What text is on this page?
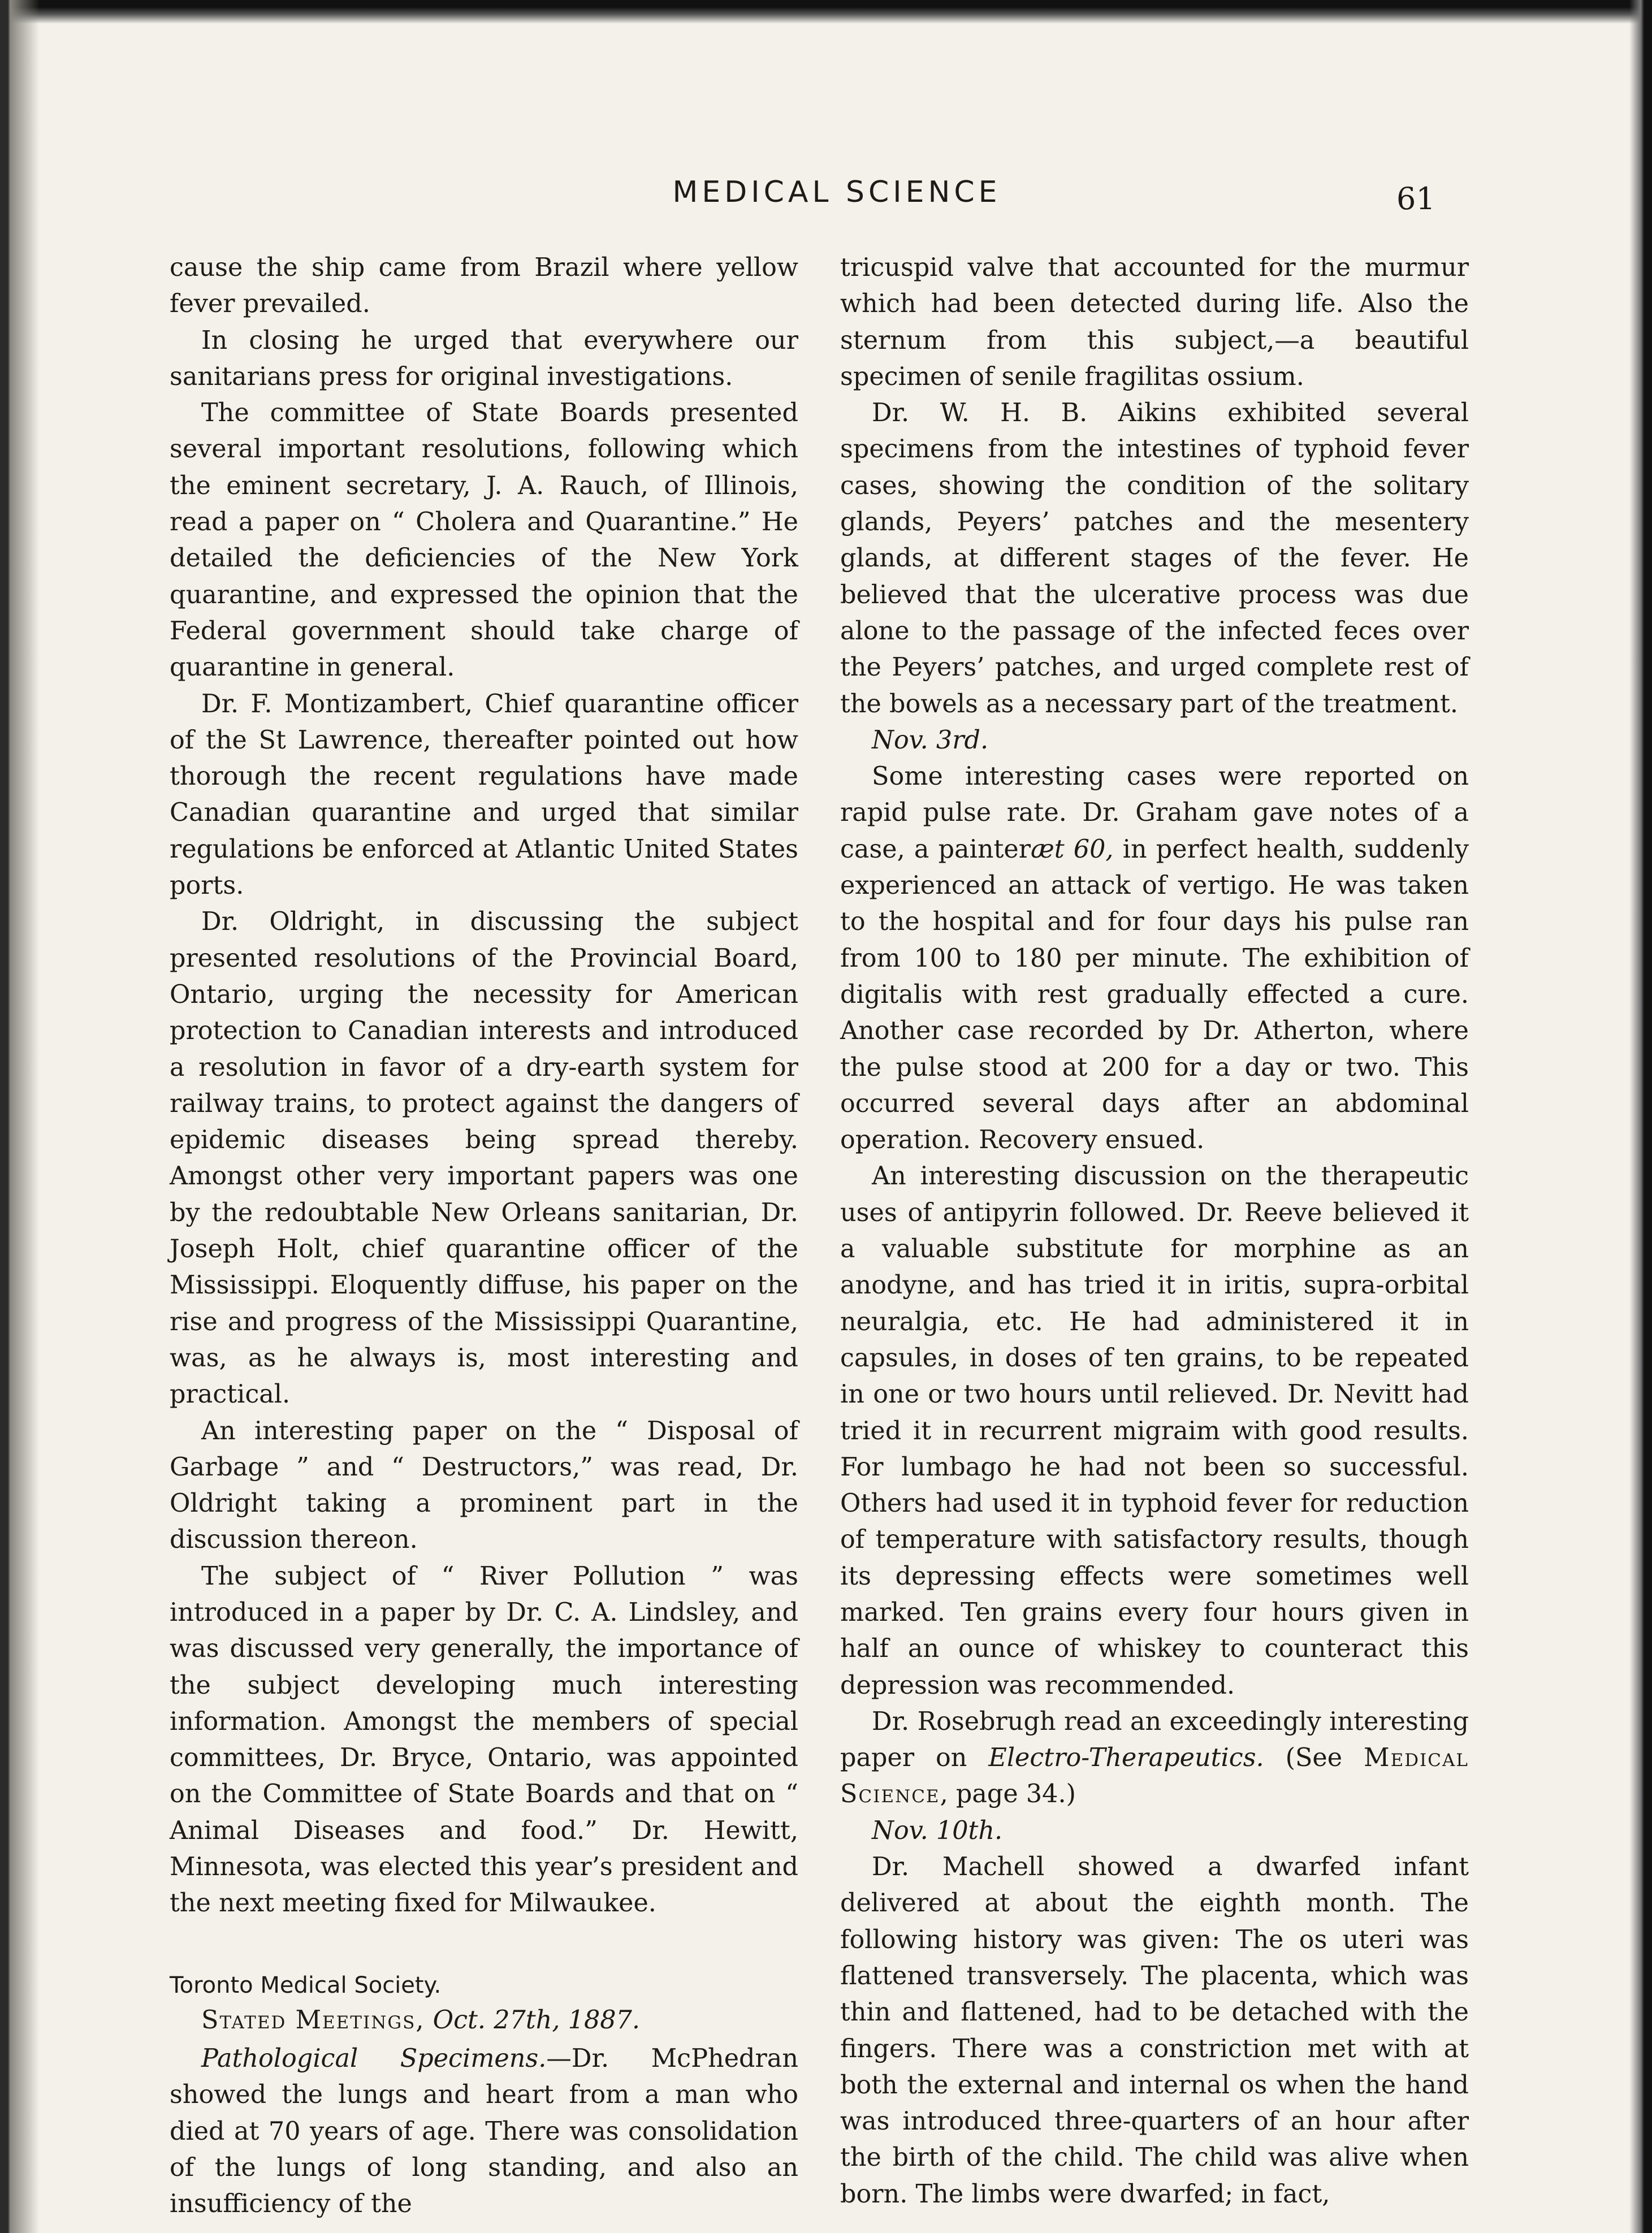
MEDICAL SCIENCE	61

cause the ship came from Brazil where yellow fever prevailed.

In closing he urged that everywhere our sanitarians press for original investigations.

The committee of State Boards presented several important resolutions, following which the eminent secretary, J. A. Rauch, of Illinois, read a paper on “ Cholera and Quarantine.” He detailed the deficiencies of the New York quarantine, and expressed the opinion that the Federal government should take charge of quarantine in general.

Dr. F. Montizambert, Chief quarantine officer of the St Lawrence, thereafter pointed out how thorough the recent regulations have made Canadian quarantine and urged that similar regulations be enforced at Atlantic United States ports.

Dr. Oldright, in discussing the subject presented resolutions of the Provincial Board, Ontario, urging the necessity for American protection to Canadian interests and introduced a resolution in favor of a dry-earth system for railway trains, to protect against the dangers of epidemic diseases being spread thereby. Amongst other very important papers was one by the redoubtable New Orleans sanitarian, Dr. Joseph Holt, chief quarantine officer of the Mississippi. Eloquently diffuse, his paper on the rise and progress of the Mississippi Quarantine, was, as he always is, most interesting and practical.

An interesting paper on the “ Disposal of Garbage ” and “ Destructors,” was read, Dr. Oldright taking a prominent part in the discussion thereon.

The subject of “ River Pollution ” was introduced in a paper by Dr. C. A. Lindsley, and was discussed very generally, the importance of the subject developing much interesting information. Amongst the members of special committees, Dr. Bryce, Ontario, was appointed on the Committee of State Boards and that on “ Animal Diseases and food.” Dr. Hewitt, Minnesota, was elected this year’s president and the next meeting fixed for Milwaukee.

Toronto Medical Society.

Stated Meetings, Oct. 27th, 1887.

Pathological Specimens.—Dr. McPhedran showed the lungs and heart from a man who died at 70 years of age. There was consolidation of the lungs of long standing, and also an insufficiency of the

tricuspid valve that accounted for the murmur which had been detected during life. Also the sternum from this subject,—a beautiful specimen of senile fragilitas ossium.

Dr. W. H. B. Aikins exhibited several specimens from the intestines of typhoid fever cases, showing the condition of the solitary glands, Peyers’ patches and the mesentery glands, at different stages of the fever. He believed that the ulcerative process was due alone to the passage of the infected feces over the Peyers’ patches, and urged complete rest of the bowels as a necessary part of the treatment.

Nov. 3rd.

Some interesting cases were reported on rapid pulse rate. Dr. Graham gave notes of a case, a painteræt 60, in perfect health, suddenly experienced an attack of vertigo. He was taken to the hospital and for four days his pulse ran from 100 to 180 per minute. The exhibition of digitalis with rest gradually effected a cure. Another case recorded by Dr. Atherton, where the pulse stood at 200 for a day or two. This occurred several days after an abdominal operation. Recovery ensued.

An interesting discussion on the therapeutic uses of antipyrin followed. Dr. Reeve believed it a valuable substitute for morphine as an anodyne, and has tried it in iritis, supra-orbital neuralgia, etc. He had administered it in capsules, in doses of ten grains, to be repeated in one or two hours until relieved. Dr. Nevitt had tried it in recurrent migraim with good results. For lumbago he had not been so successful. Others had used it in typhoid fever for reduction of temperature with satisfactory results, though its depressing effects were sometimes well marked. Ten grains every four hours given in half an ounce of whiskey to counteract this depression was recommended.

Dr. Rosebrugh read an exceedingly interesting paper on Electro-Therapeutics. (See Medical Science, page 34.)

Nov. 10th.

Dr. Machell showed a dwarfed infant delivered at about the eighth month. The following history was given: The os uteri was flattened transversely. The placenta, which was thin and flattened, had to be detached with the fingers. There was a constriction met with at both the external and internal os when the hand was introduced three-quarters of an hour after the birth of the child. The child was alive when born. The limbs were dwarfed; in fact,
